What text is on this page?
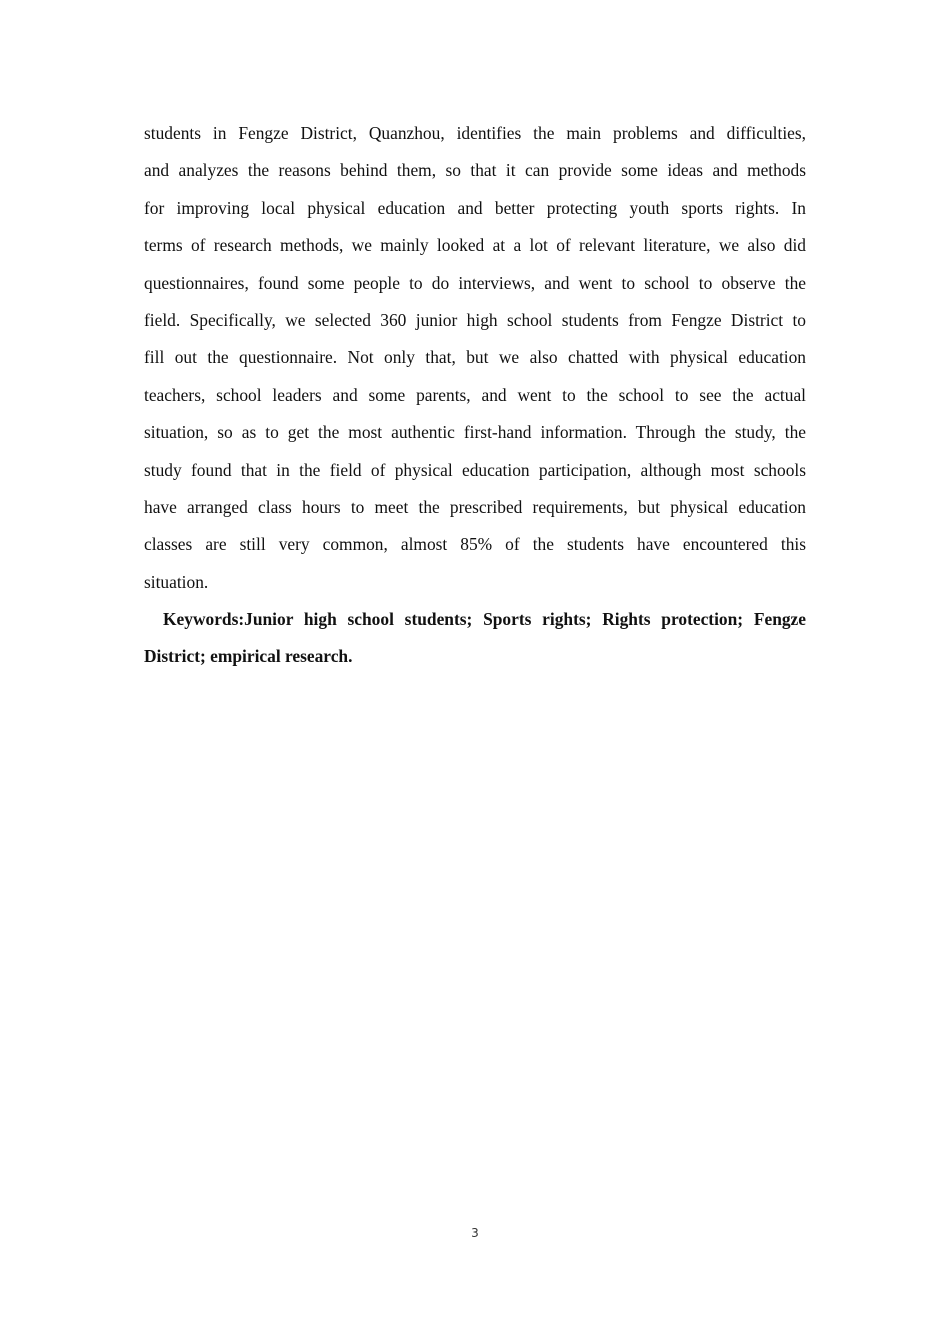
students in Fengze District, Quanzhou, identifies the main problems and difficulties,
and analyzes the reasons behind them, so that it can provide some ideas and methods
for improving local physical education and better protecting youth sports rights. In
terms of research methods, we mainly looked at a lot of relevant literature, we also did
questionnaires, found some people to do interviews, and went to school to observe the
field. Specifically, we selected 360 junior high school students from Fengze District to
fill out the questionnaire. Not only that, but we also chatted with physical education
teachers, school leaders and some parents, and went to the school to see the actual
situation, so as to get the most authentic first-hand information. Through the study, the
study found that in the field of physical education participation, although most schools
have arranged class hours to meet the prescribed requirements, but physical education
classes are still very common, almost 85% of the students have encountered this
situation.
Keywords:Junior high school students; Sports rights; Rights protection; Fengze
District; empirical research.
3
